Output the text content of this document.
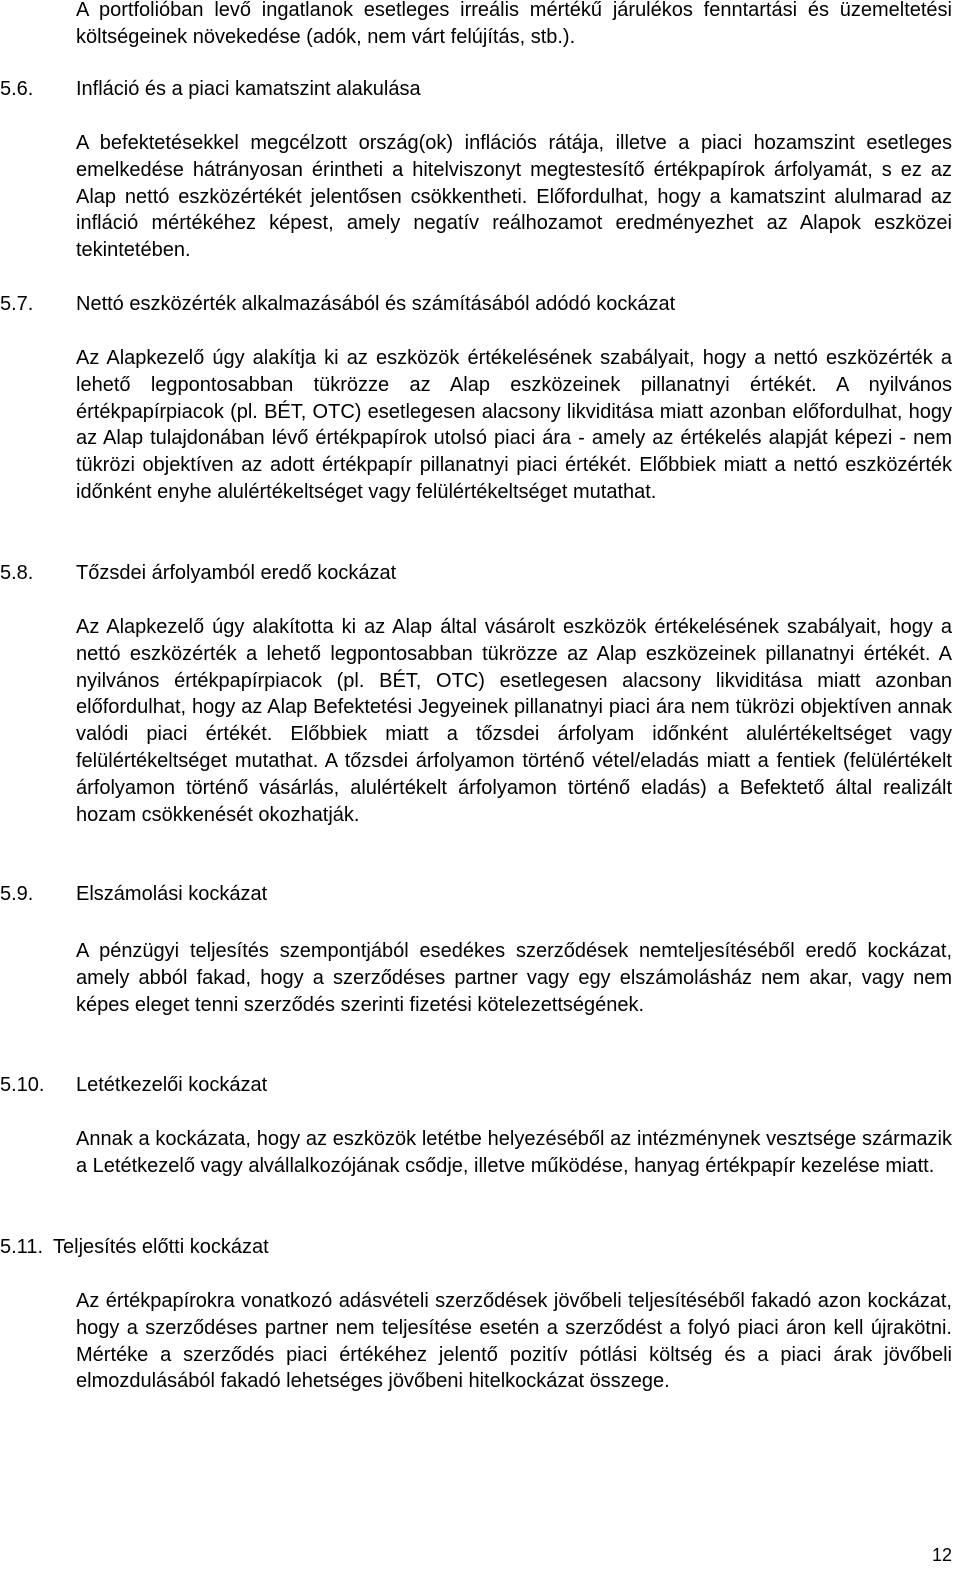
A portfolióban levő ingatlanok esetleges irreális mértékű járulékos fenntartási és üzemeltetési költségeinek növekedése (adók, nem várt felújítás, stb.).

5.6. Infláció és a piaci kamatszint alakulása

A befektetésekkel megcélzott ország(ok) inflációs rátája, illetve a piaci hozamszint esetleges emelkedése hátrányosan érintheti a hitelviszonyt megtestesítő értékpapírok árfolyamát, s ez az Alap nettó eszközértékét jelentősen csökkentheti. Előfordulhat, hogy a kamatszint alulmarad az infláció mértékéhez képest, amely negatív reálhozamot eredményezhet az Alapok eszközei tekintetében.

5.7. Nettó eszközérték alkalmazásából és számításából adódó kockázat

Az Alapkezelő úgy alakítja ki az eszközök értékelésének szabályait, hogy a nettó eszközérték a lehető legpontosabban tükrözze az Alap eszközeinek pillanatnyi értékét. A nyilvános értékpapírpiacok (pl. BÉT, OTC) esetlegesen alacsony likviditása miatt azonban előfordulhat, hogy az Alap tulajdonában lévő értékpapírok utolsó piaci ára - amely az értékelés alapját képezi - nem tükrözi objektíven az adott értékpapír pillanatnyi piaci értékét. Előbbiek miatt a nettó eszközérték időnként enyhe alulértékeltséget vagy felülértékeltséget mutathat.

5.8. Tőzsdei árfolyamból eredő kockázat

Az Alapkezelő úgy alakította ki az Alap által vásárolt eszközök értékelésének szabályait, hogy a nettó eszközérték a lehető legpontosabban tükrözze az Alap eszközeinek pillanatnyi értékét. A nyilvános értékpapírpiacok (pl. BÉT, OTC) esetlegesen alacsony likviditása miatt azonban előfordulhat, hogy az Alap Befektetési Jegyeinek pillanatnyi piaci ára nem tükrözi objektíven annak valódi piaci értékét. Előbbiek miatt a tőzsdei árfolyam időnként alulértékeltséget vagy felülértékeltséget mutathat. A tőzsdei árfolyamon történő vétel/eladás miatt a fentiek (felülértékelt árfolyamon történő vásárlás, alulértékelt árfolyamon történő eladás) a Befektető által realizált hozam csökkenését okozhatják.

5.9. Elszámolási kockázat

A pénzügyi teljesítés szempontjából esedékes szerződések nemteljesítéséből eredő kockázat, amely abból fakad, hogy a szerződéses partner vagy egy elszámolásház nem akar, vagy nem képes eleget tenni szerződés szerinti fizetési kötelezettségének.

5.10. Letétkezelői kockázat

Annak a kockázata, hogy az eszközök letétbe helyezéséből az intézménynek vesztsége származik a Letétkezelő vagy alvállalkozójának csődje, illetve működése, hanyag értékpapír kezelése miatt.

5.11. Teljesítés előtti kockázat

Az értékpapírokra vonatkozó adásvételi szerződések jövőbeli teljesítéséből fakadó azon kockázat, hogy a szerződéses partner nem teljesítése esetén a szerződést a folyó piaci áron kell újrakötni. Mértéke a szerződés piaci értékéhez jelentő pozitív pótlási költség és a piaci árak jövőbeli elmozdulásából fakadó lehetséges jövőbeni hitelkockázat összege.

12
